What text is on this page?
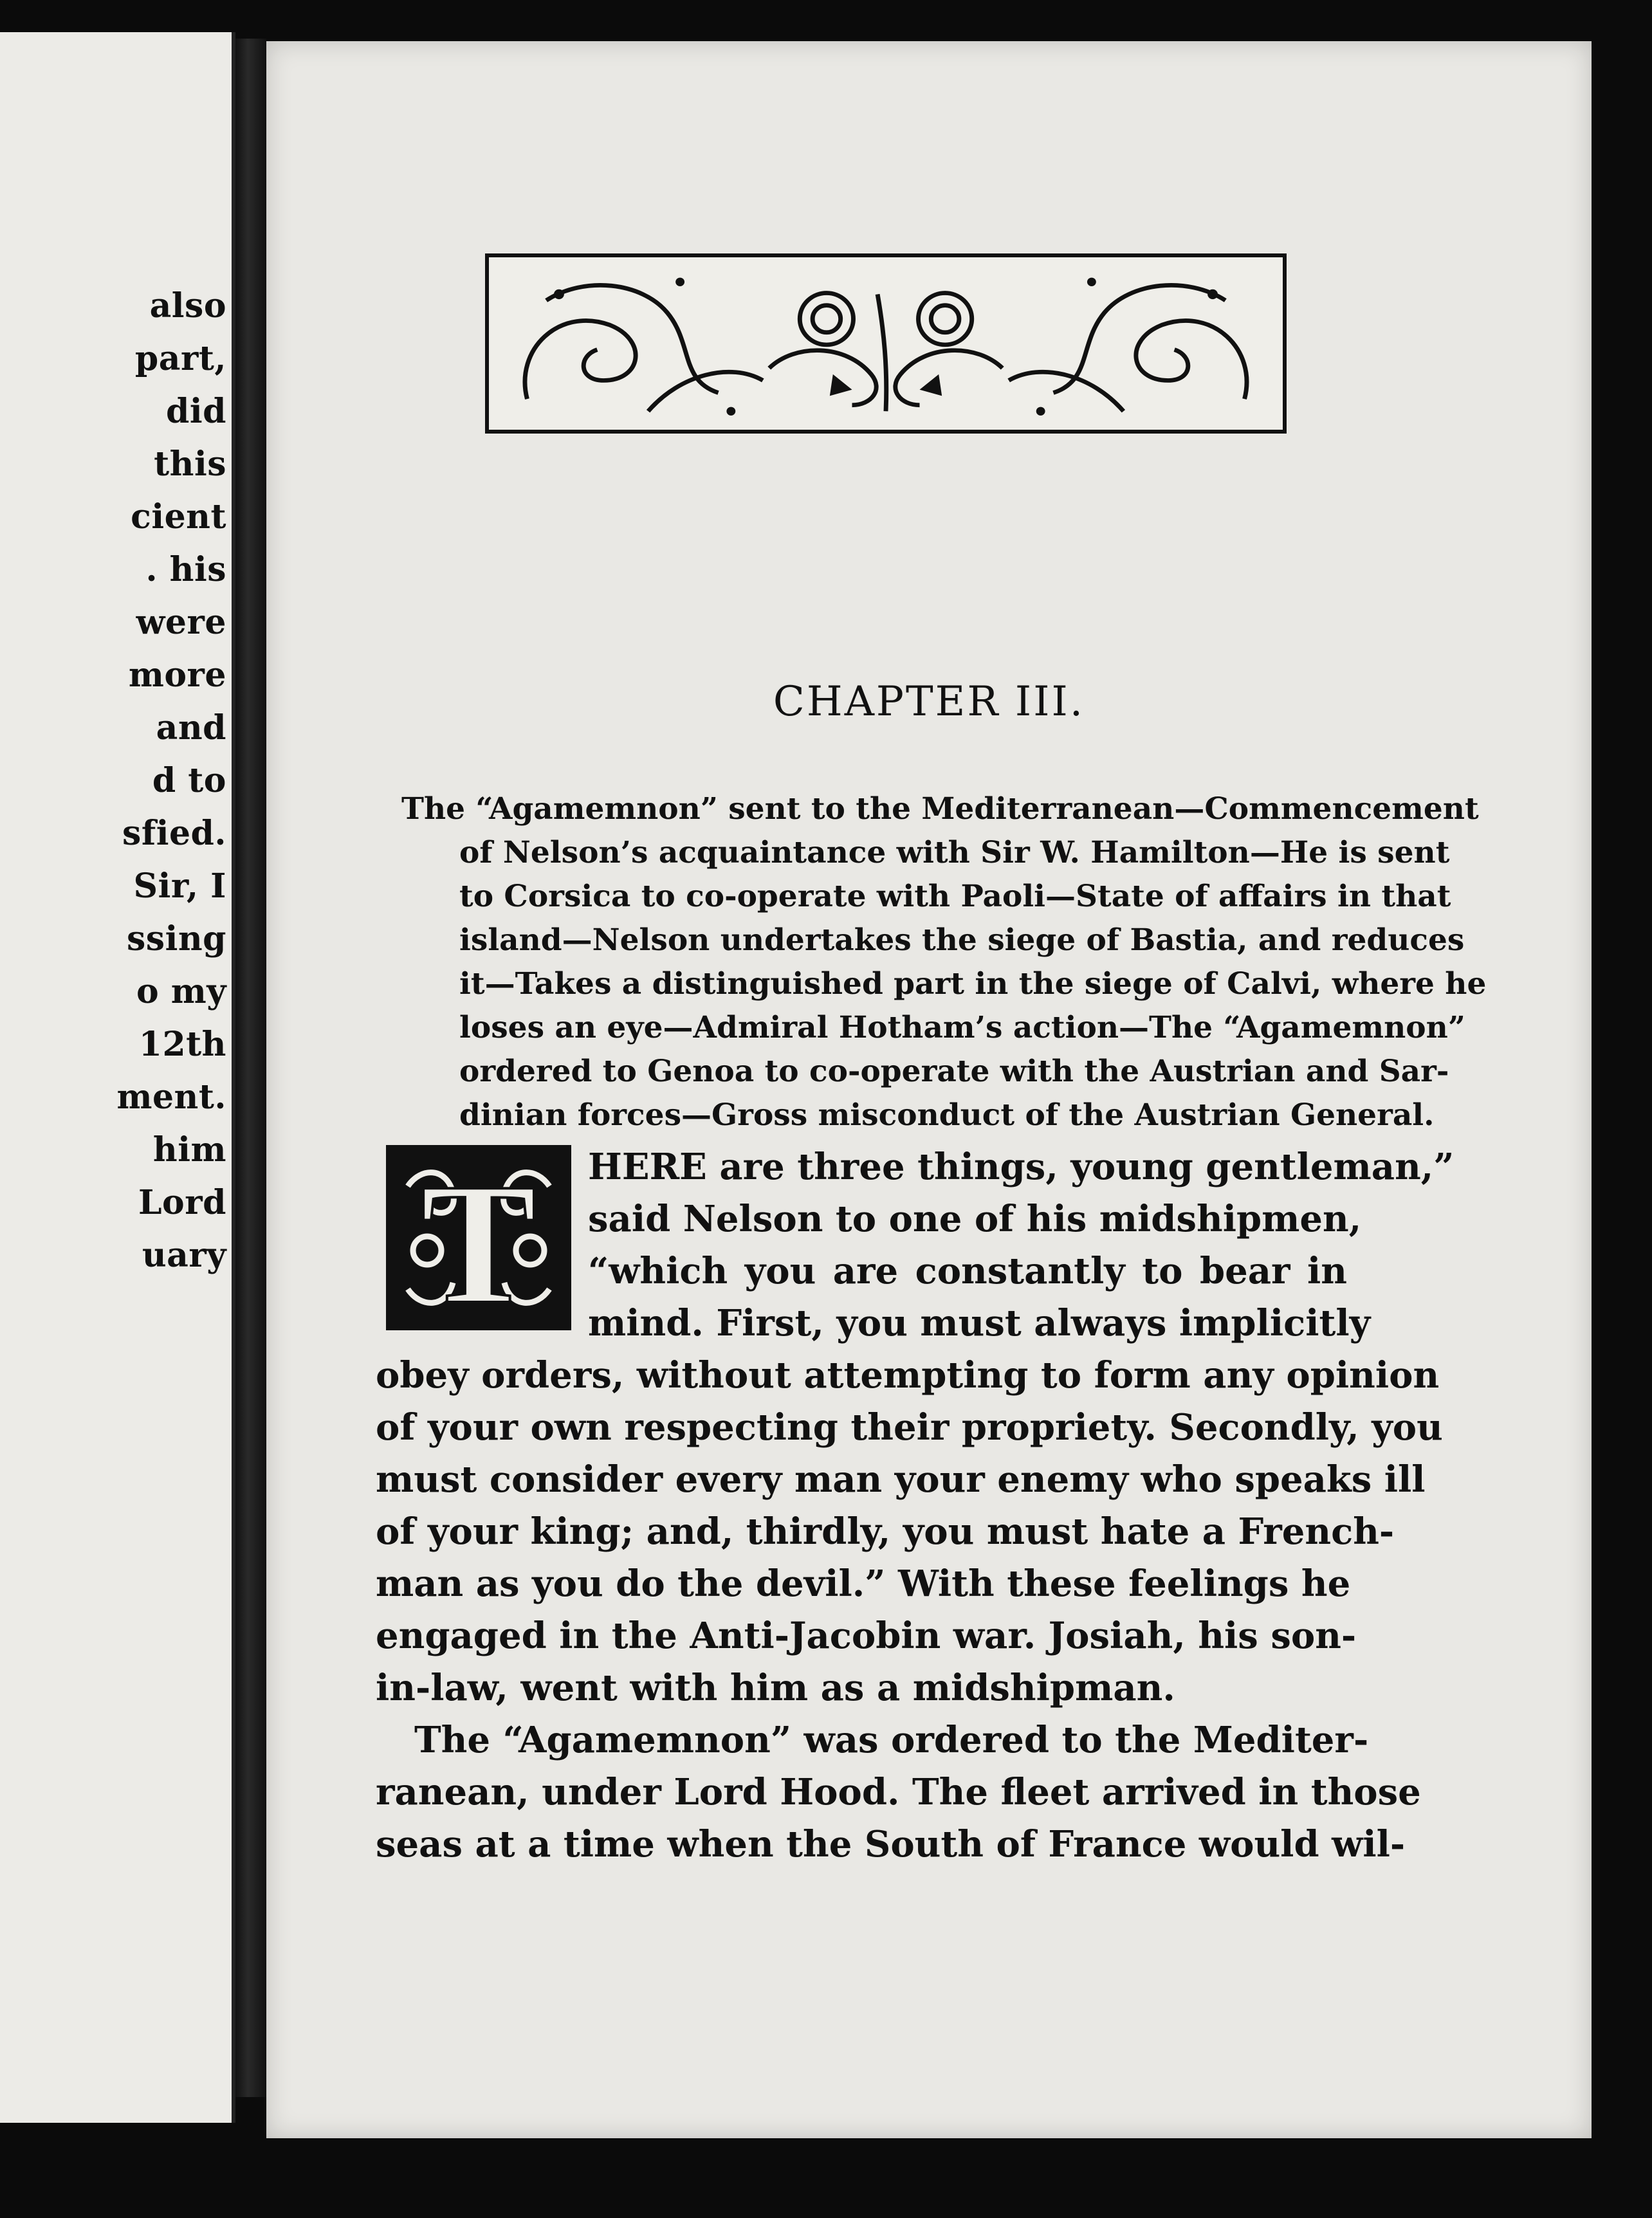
also
part,
did
this
cient
. his
were
more
and
d to
sfied.
Sir, I
ssing
o my
12th
ment.
him
Lord
uary
CHAPTER III.
The “Agamemnon” sent to the Mediterranean—Commencement
of Nelson’s acquaintance with Sir W. Hamilton—He is sent
to Corsica to co-operate with Paoli—State of affairs in that
island—Nelson undertakes the siege of Bastia, and reduces
it—Takes a distinguished part in the siege of Calvi, where he
loses an eye—Admiral Hotham’s action—The “Agamemnon”
ordered to Genoa to co-operate with the Austrian and Sar-
dinian forces—Gross misconduct of the Austrian General.
T	HERE are three things, young gentleman,”
said Nelson to one of his midshipmen,
“which you are constantly to bear in
mind. First, you must always implicitly
obey orders, without attempting to form any opinion
of your own respecting their propriety. Secondly, you
must consider every man your enemy who speaks ill
of your king; and, thirdly, you must hate a French-
man as you do the devil.” With these feelings he
engaged in the Anti-Jacobin war. Josiah, his son-
in-law, went with him as a midshipman.
The “Agamemnon” was ordered to the Mediter-
ranean, under Lord Hood. The fleet arrived in those
seas at a time when the South of France would wil-
